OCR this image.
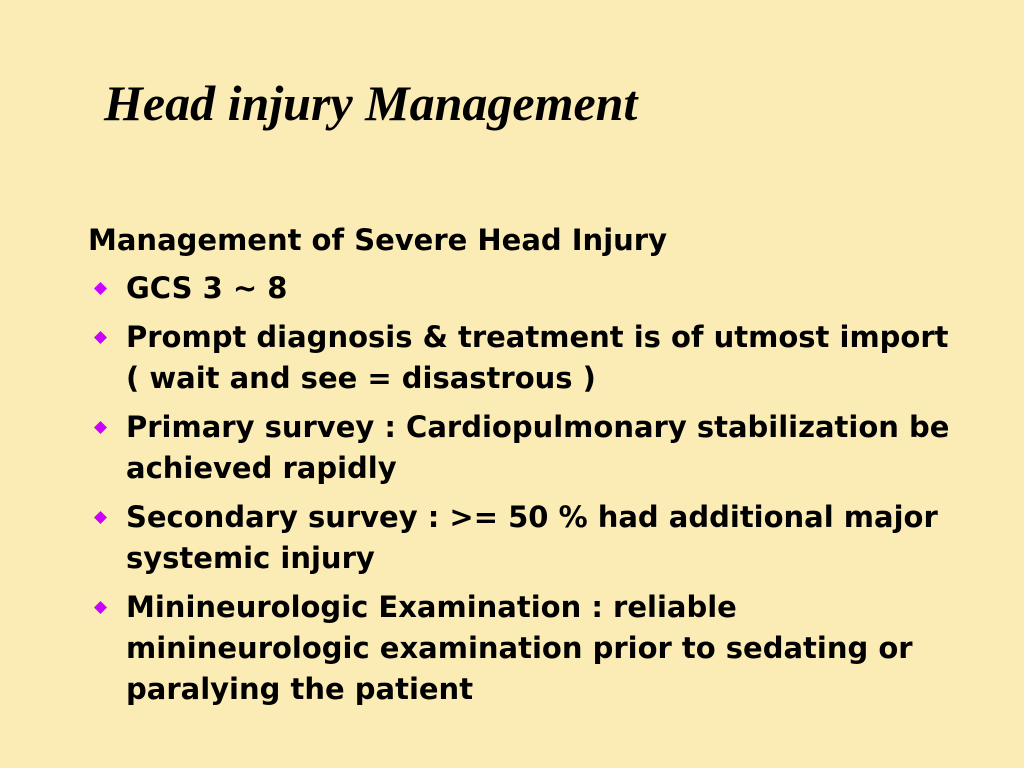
Head injury Management
Management of Severe Head Injury
GCS 3 ~ 8
Prompt diagnosis & treatment is of utmost import ( wait and see = disastrous )
Primary survey : Cardiopulmonary stabilization be achieved rapidly
Secondary survey : >= 50 % had additional major systemic injury
Minineurologic Examination : reliable minineurologic examination prior to sedating or paralying the patient
